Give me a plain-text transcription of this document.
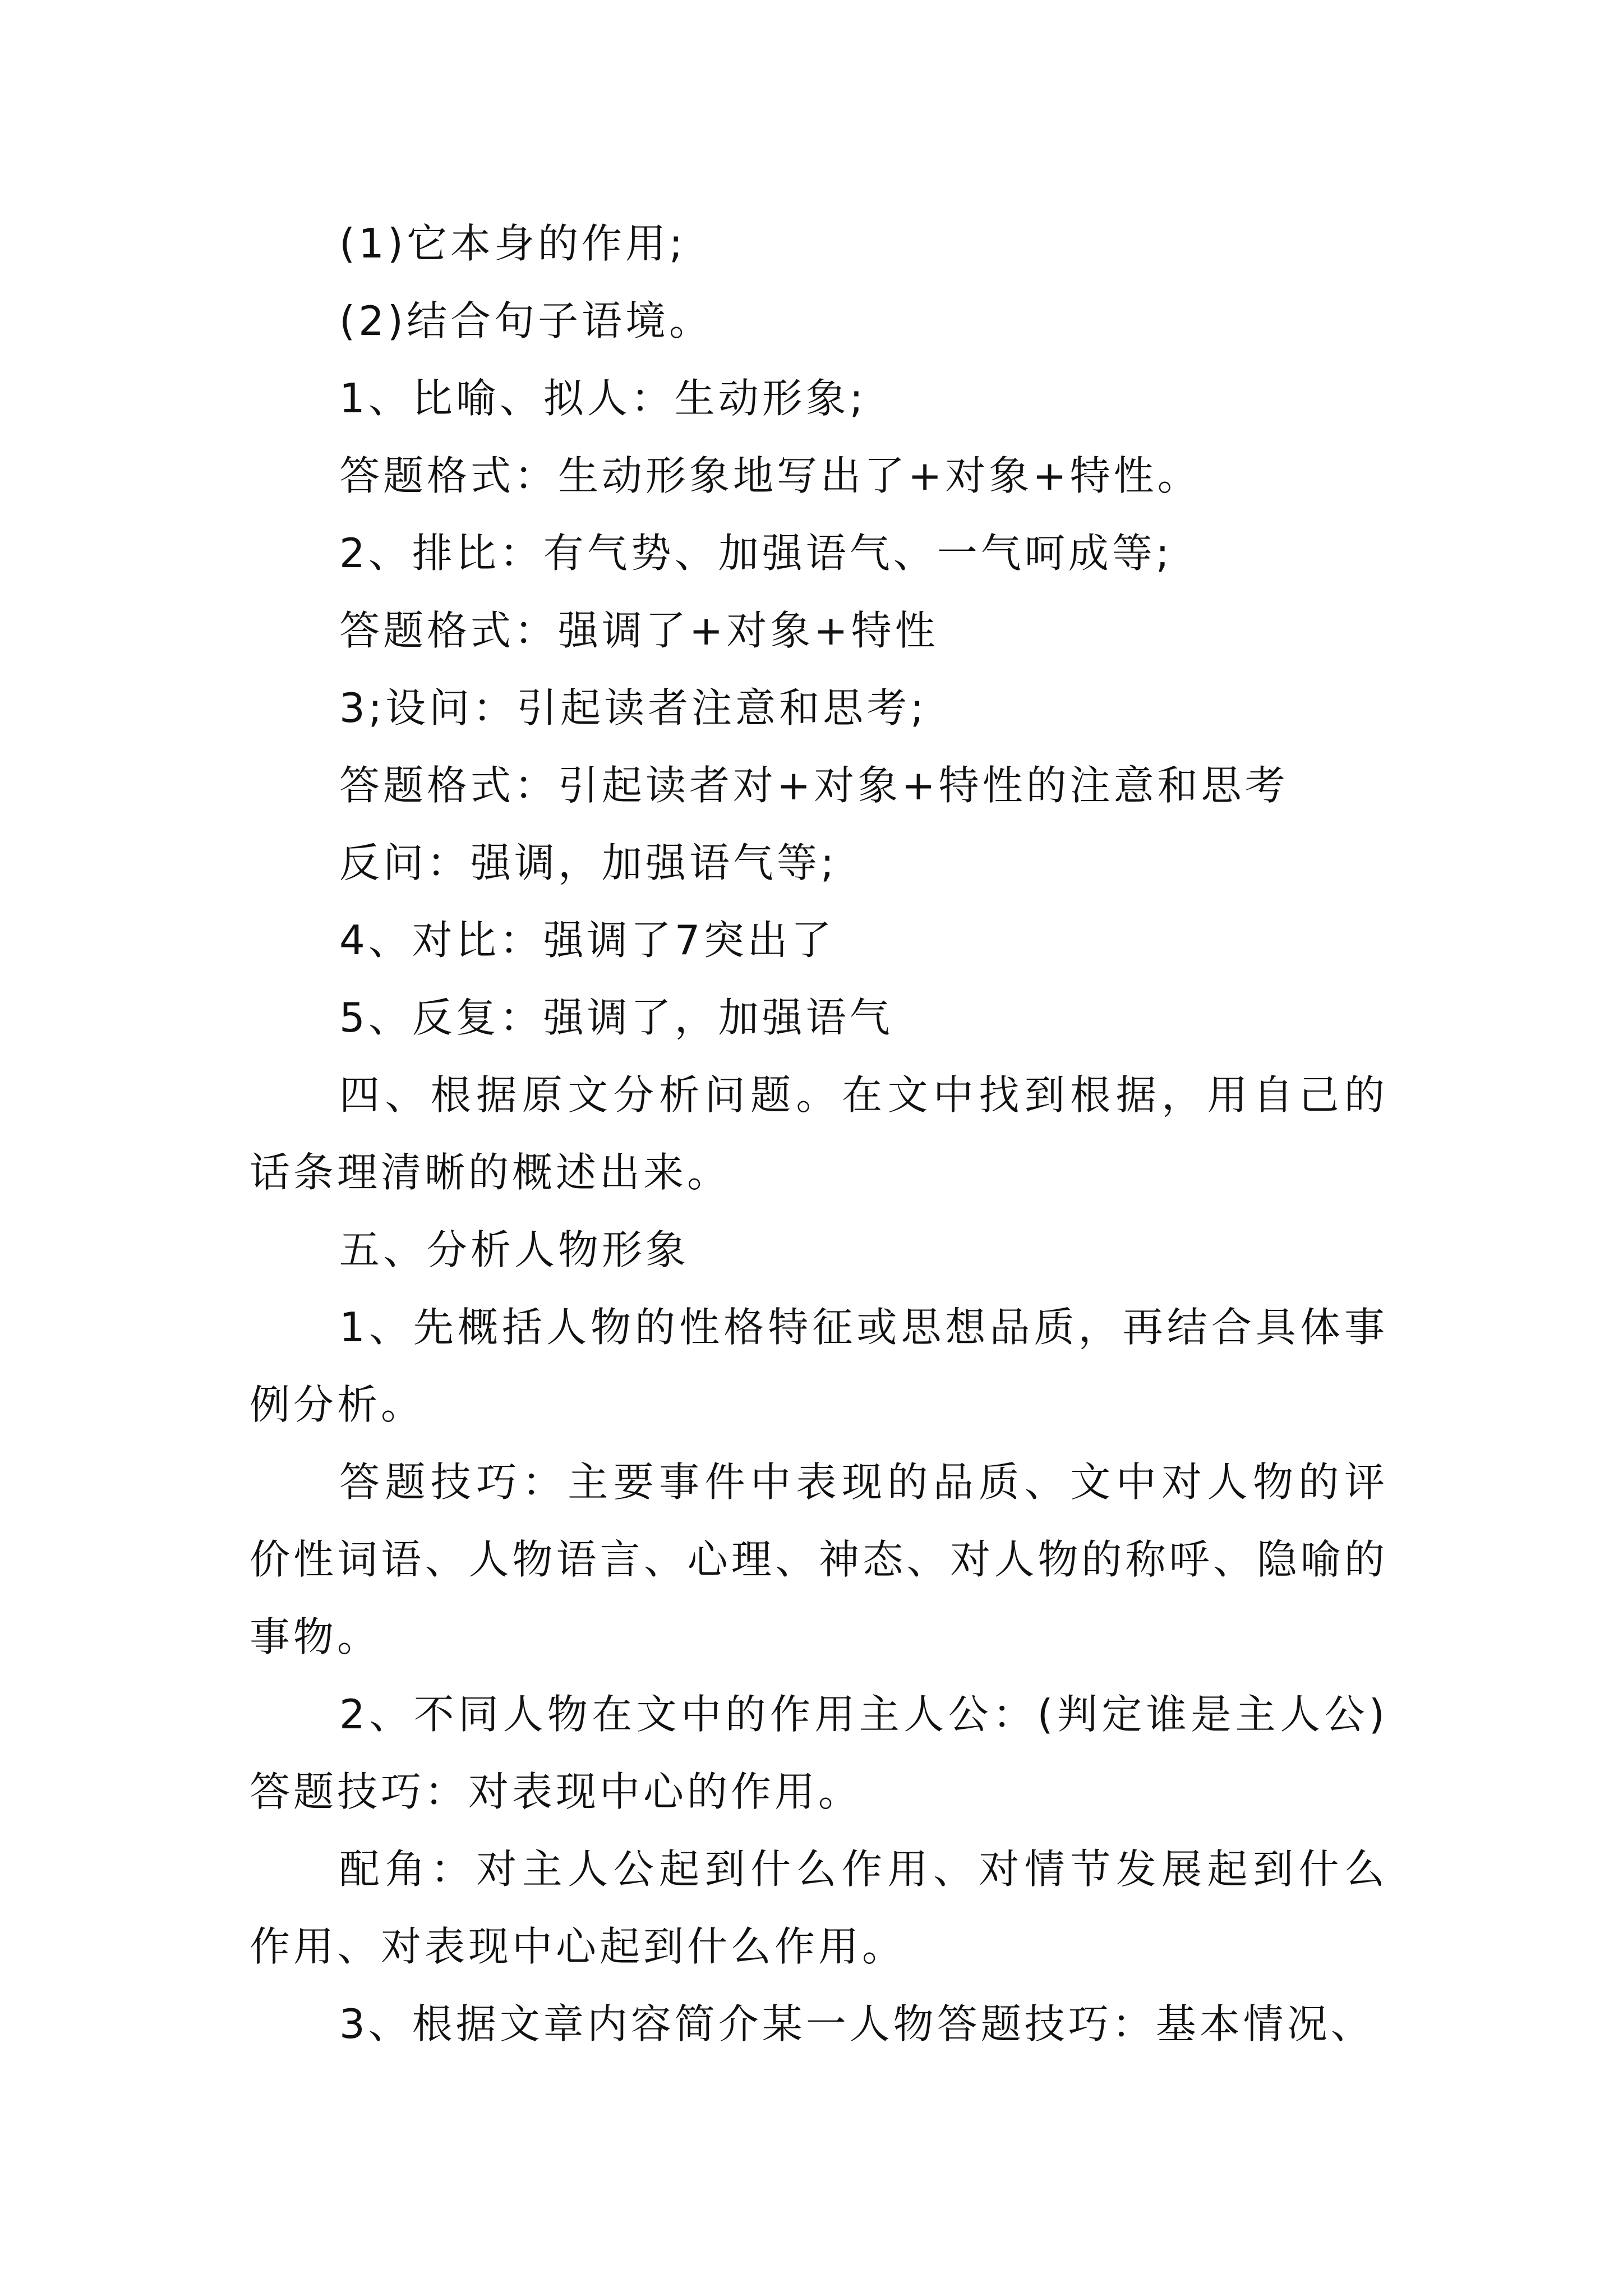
(1)它本身的作用;

(2)结合句子语境。

1、比喻、拟人：生动形象;

答题格式：生动形象地写出了+对象+特性。

2、排比：有气势、加强语气、一气呵成等;

答题格式：强调了+对象+特性

3;设问：引起读者注意和思考;

答题格式：引起读者对+对象+特性的注意和思考

反问：强调，加强语气等;

4、对比：强调了7突出了

5、反复：强调了，加强语气

四、根据原文分析问题。在文中找到根据，用自己的话条理清晰的概述出来。

五、分析人物形象

1、先概括人物的性格特征或思想品质，再结合具体事例分析。

答题技巧：主要事件中表现的品质、文中对人物的评价性词语、人物语言、心理、神态、对人物的称呼、隐喻的事物。

2、不同人物在文中的作用主人公：(判定谁是主人公)答题技巧：对表现中心的作用。

配角：对主人公起到什么作用、对情节发展起到什么作用、对表现中心起到什么作用。

3、根据文章内容简介某一人物答题技巧：基本情况、
